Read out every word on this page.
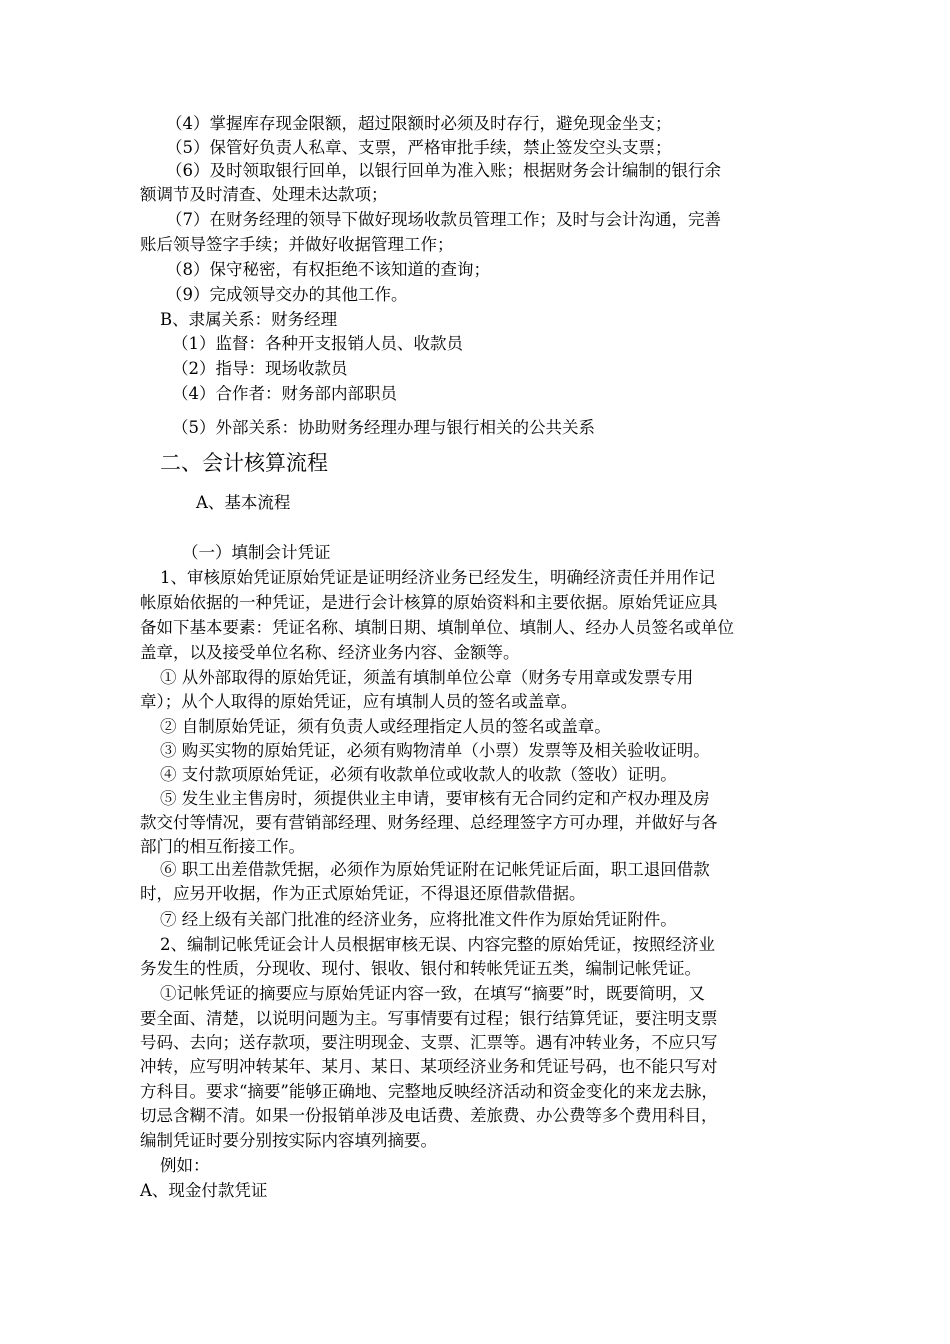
（4）掌握库存现金限额，超过限额时必须及时存行，避免现金坐支；
（5）保管好负责人私章、支票，严格审批手续，禁止签发空头支票；
（6）及时领取银行回单，以银行回单为准入账；根据财务会计编制的银行余
额调节及时清查、处理未达款项；
（7）在财务经理的领导下做好现场收款员管理工作；及时与会计沟通，完善
账后领导签字手续；并做好收据管理工作；
（8）保守秘密，有权拒绝不该知道的查询；
（9）完成领导交办的其他工作。
B、隶属关系：财务经理
（1）监督：各种开支报销人员、收款员
（2）指导：现场收款员
（4）合作者：财务部内部职员
（5）外部关系：协助财务经理办理与银行相关的公共关系
二、会计核算流程
A、基本流程
（一）填制会计凭证
1、审核原始凭证原始凭证是证明经济业务已经发生，明确经济责任并用作记
帐原始依据的一种凭证，是进行会计核算的原始资料和主要依据。原始凭证应具
备如下基本要素：凭证名称、填制日期、填制单位、填制人、经办人员签名或单位
盖章，以及接受单位名称、经济业务内容、金额等。
① 从外部取得的原始凭证，须盖有填制单位公章（财务专用章或发票专用
章）；从个人取得的原始凭证，应有填制人员的签名或盖章。
② 自制原始凭证，须有负责人或经理指定人员的签名或盖章。
③ 购买实物的原始凭证，必须有购物清单（小票）发票等及相关验收证明。
④ 支付款项原始凭证，必须有收款单位或收款人的收款（签收）证明。
⑤ 发生业主售房时，须提供业主申请，要审核有无合同约定和产权办理及房
款交付等情况，要有营销部经理、财务经理、总经理签字方可办理，并做好与各
部门的相互衔接工作。
⑥ 职工出差借款凭据，必须作为原始凭证附在记帐凭证后面，职工退回借款
时，应另开收据，作为正式原始凭证，不得退还原借款借据。
⑦ 经上级有关部门批准的经济业务，应将批准文件作为原始凭证附件。
2、编制记帐凭证会计人员根据审核无误、内容完整的原始凭证，按照经济业
务发生的性质，分现收、现付、银收、银付和转帐凭证五类，编制记帐凭证。
①记帐凭证的摘要应与原始凭证内容一致，在填写“摘要”时，既要简明，又
要全面、清楚，以说明问题为主。写事情要有过程；银行结算凭证，要注明支票
号码、去向；送存款项，要注明现金、支票、汇票等。遇有冲转业务，不应只写
冲转，应写明冲转某年、某月、某日、某项经济业务和凭证号码，也不能只写对
方科目。要求“摘要”能够正确地、完整地反映经济活动和资金变化的来龙去脉，
切忌含糊不清。如果一份报销单涉及电话费、差旅费、办公费等多个费用科目，
编制凭证时要分别按实际内容填列摘要。
例如：
A、现金付款凭证
